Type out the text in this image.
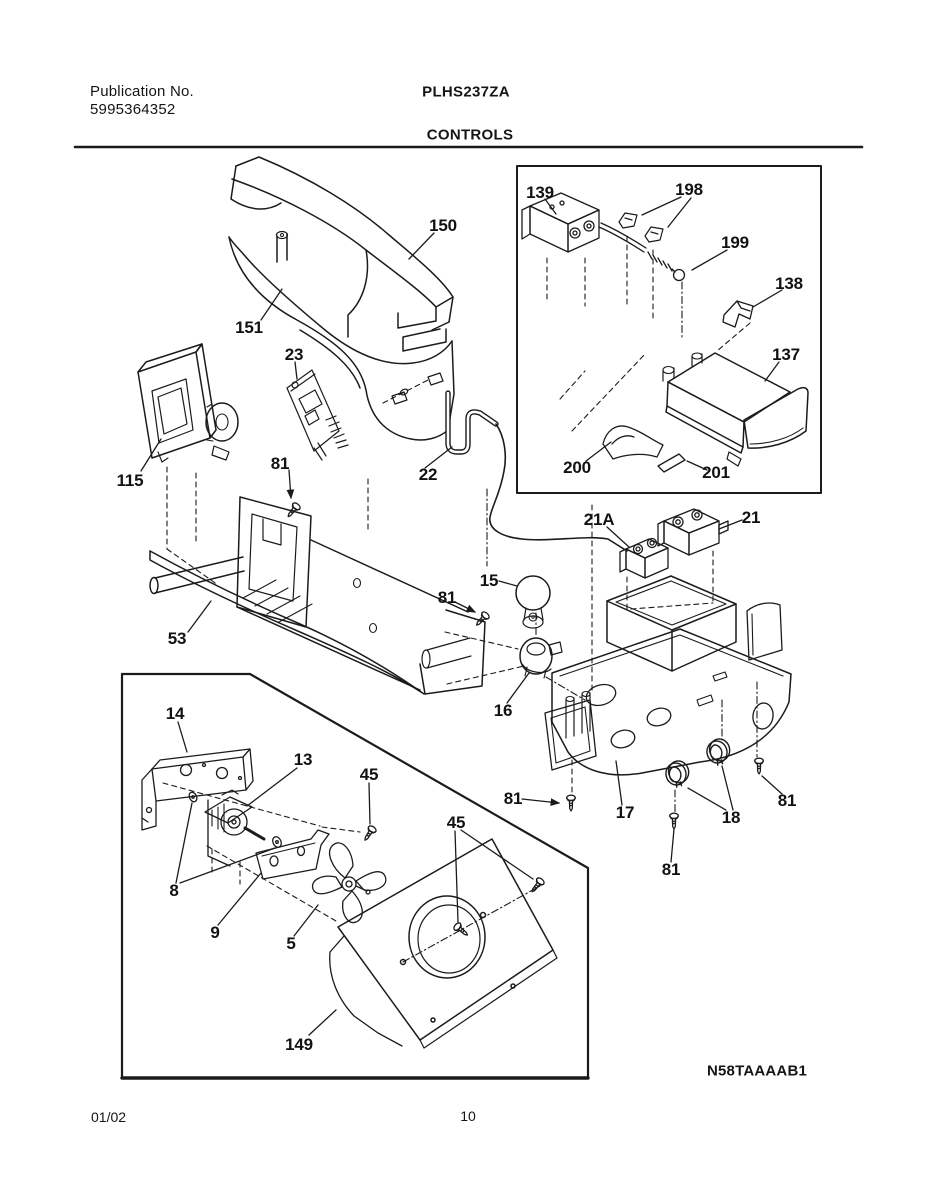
Publication No.
5995364352
PLHS237ZA
CONTROLS
150
151
23
115
81
22
53
15
81
16
21A	21
17	18
81
81
81
45
45
13
14
8
9
5
149
139	198
199
138
137
200	201
N58TAAAAB1
01/02	10
